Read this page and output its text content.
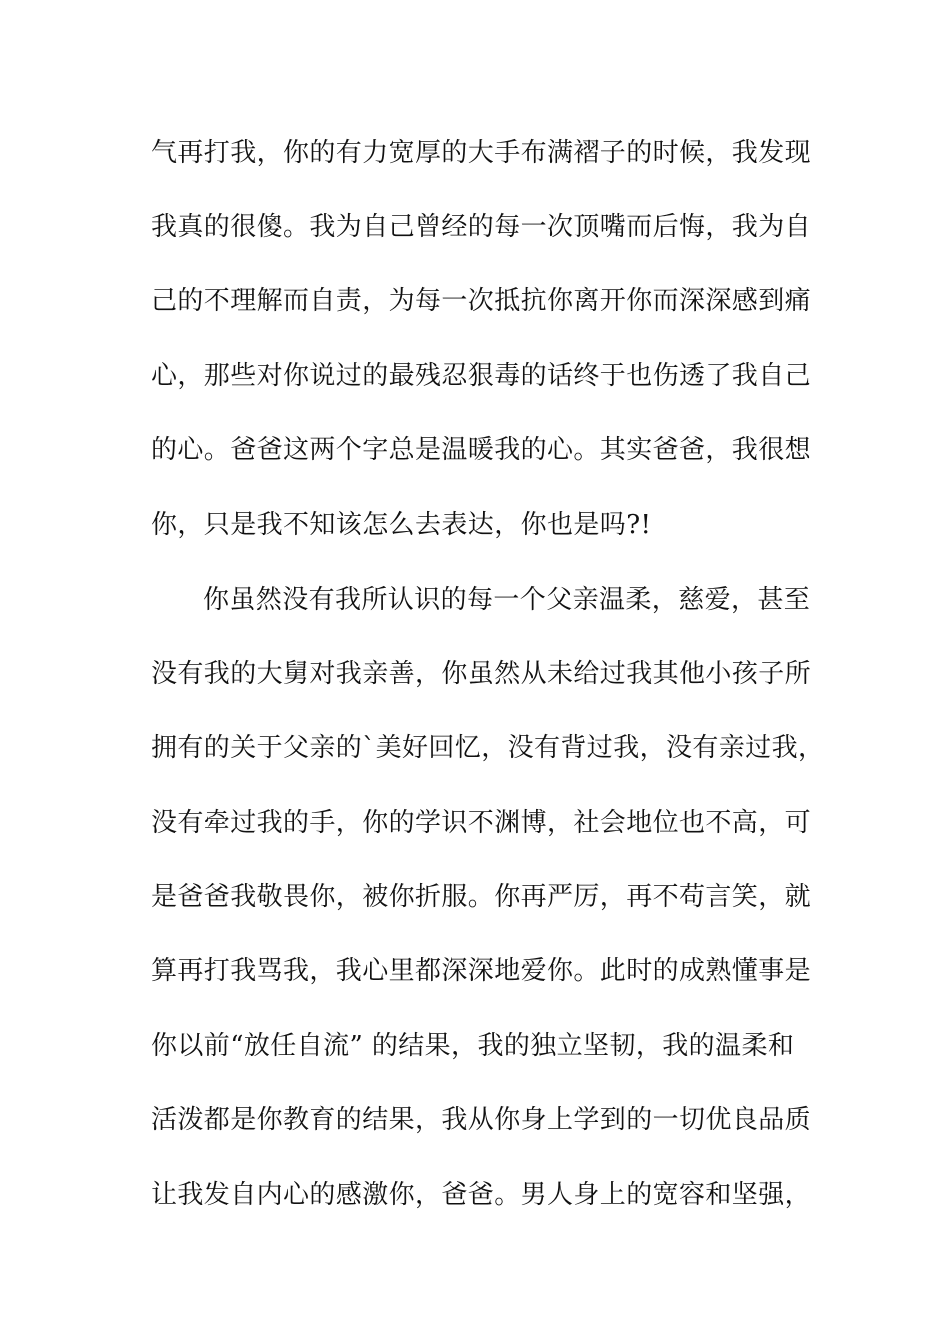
气再打我，你的有力宽厚的大手布满褶子的时候，我发现
我真的很傻。我为自己曾经的每一次顶嘴而后悔，我为自
己的不理解而自责，为每一次抵抗你离开你而深深感到痛
心，那些对你说过的最残忍狠毒的话终于也伤透了我自己
的心。爸爸这两个字总是温暖我的心。其实爸爸，我很想
你，只是我不知该怎么去表达，你也是吗?!
你虽然没有我所认识的每一个父亲温柔，慈爱，甚至
没有我的大舅对我亲善，你虽然从未给过我其他小孩子所
拥有的关于父亲的`美好回忆，没有背过我，没有亲过我，
没有牵过我的手，你的学识不渊博，社会地位也不高，可
是爸爸我敬畏你，被你折服。你再严厉，再不苟言笑，就
算再打我骂我，我心里都深深地爱你。此时的成熟懂事是
你以前“放任自流” 的结果，我的独立坚韧，我的温柔和
活泼都是你教育的结果，我从你身上学到的一切优良品质
让我发自内心的感激你，爸爸。男人身上的宽容和坚强，
